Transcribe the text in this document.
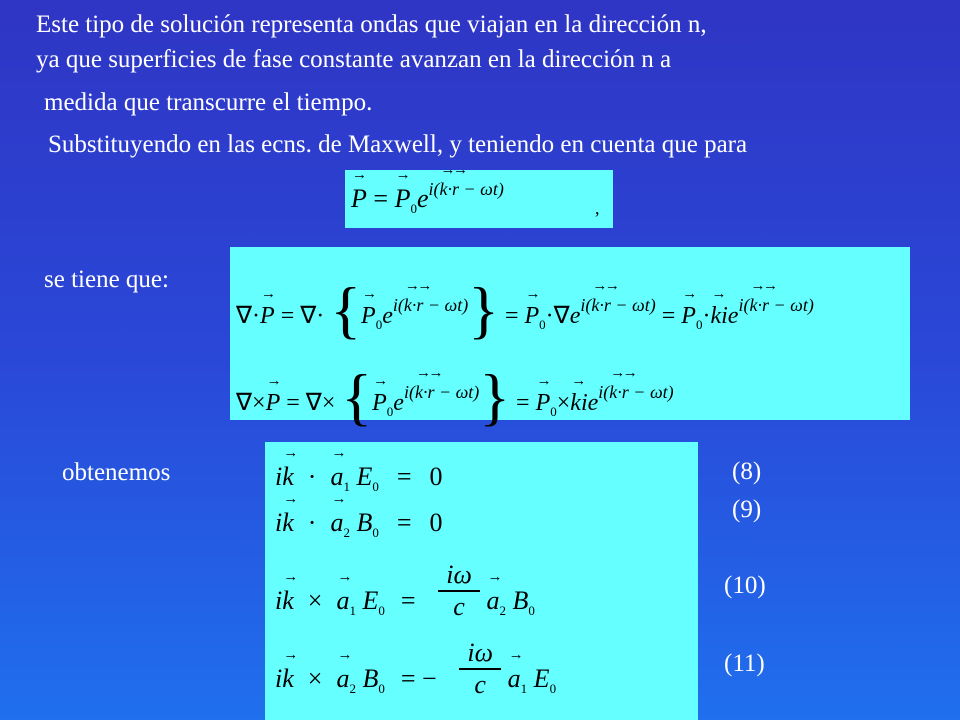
Este tipo de solución representa ondas que viajan en la dirección n,
ya que superficies de fase constante avanzan en la dirección n a
medida que transcurre el tiempo.
Substituyendo en las ecns. de Maxwell, y teniendo en cuenta que para
→ P = → $P_0e^{i(\to k\cdot\to r - \omega t)}$
,
se tiene que:
∇·→ P = ∇· {→ $P_0e^{i(\to k\cdot\to r - \omega t)}$} = → $P_0\cdot\nabla e^{i(\to k\cdot\to r - \omega t)}$ = → $P_0\cdot\to kie^{i(\to k\cdot\to r - \omega t)}$
∇×→ P = ∇× {→ $P_0e^{i(\to k\cdot\to r - \omega t)}$} = → $P_0\times\to kie^{i(\to k\cdot\to r - \omega t)}$
obtenemos	$i\to k \cdot\to a_1$ $E_0 = 0$
$i\to k \cdot\to a_2$ $B_0 = 0$
$i\to k \times\to a_1$ $E_0 = \frac{i\omega}{c}$
→ $a_2$ $B_0$
$i\to k \times\to a_2$ $B_0$ = − $\frac{i\omega}{c}$
→ $a_1$ $E_0$
(8)
(9)
(10)
(11)
